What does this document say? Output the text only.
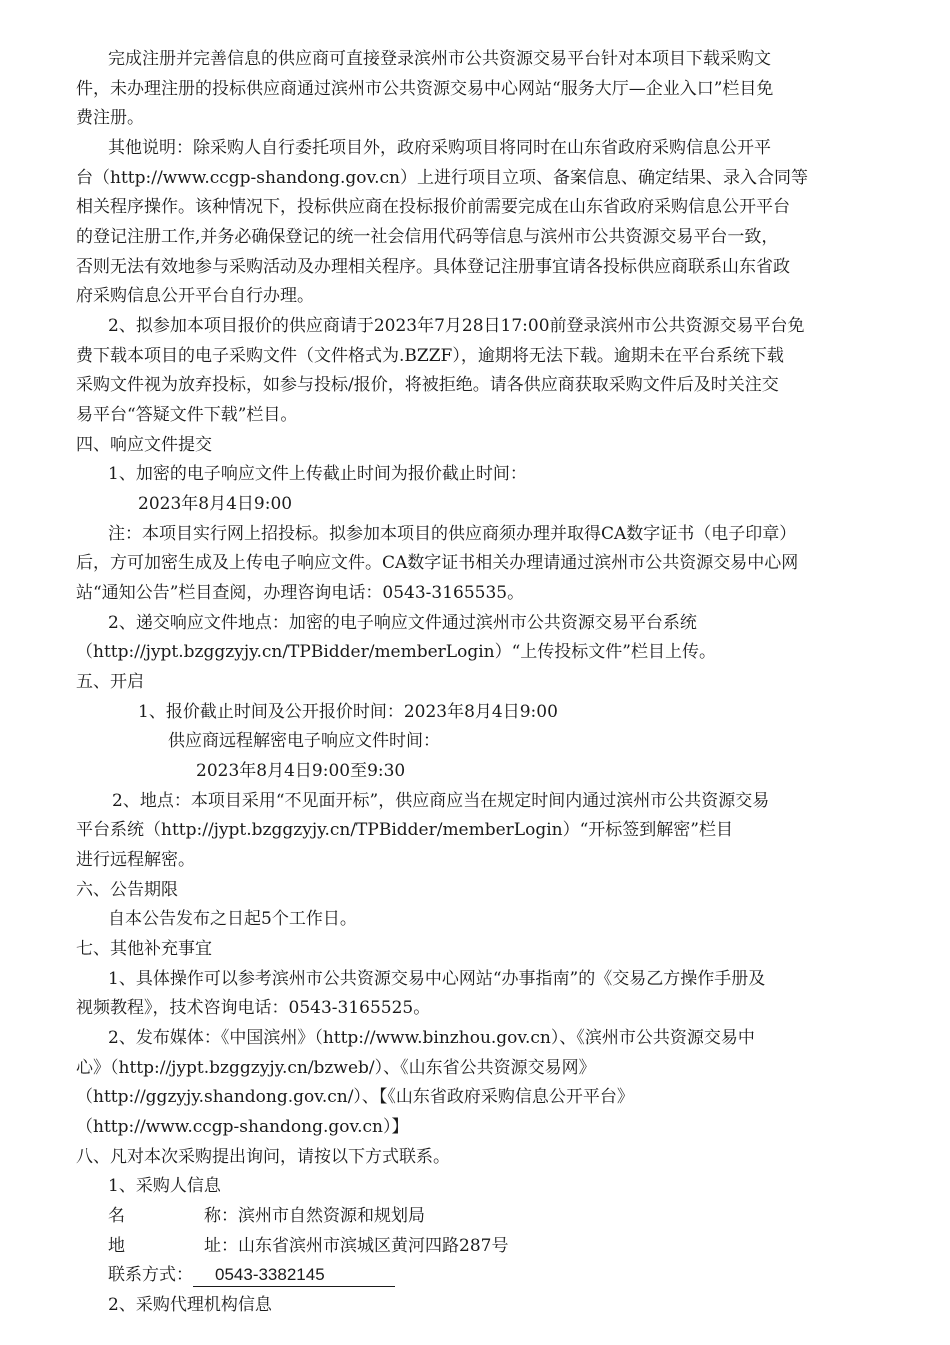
完成注册并完善信息的供应商可直接登录滨州市公共资源交易平台针对本项目下载采购文
件，未办理注册的投标供应商通过滨州市公共资源交易中心网站“服务大厅—企业入口”栏目免
费注册。
其他说明：除采购人自行委托项目外，政府采购项目将同时在山东省政府采购信息公开平
台（http://www.ccgp-shandong.gov.cn）上进行项目立项、备案信息、确定结果、录入合同等
相关程序操作。该种情况下，投标供应商在投标报价前需要完成在山东省政府采购信息公开平台
的登记注册工作,并务必确保登记的统一社会信用代码等信息与滨州市公共资源交易平台一致，
否则无法有效地参与采购活动及办理相关程序。具体登记注册事宜请各投标供应商联系山东省政
府采购信息公开平台自行办理。
2、拟参加本项目报价的供应商请于2023年7月28日17:00前登录滨州市公共资源交易平台免
费下载本项目的电子采购文件（文件格式为.BZZF），逾期将无法下载。逾期未在平台系统下载
采购文件视为放弃投标，如参与投标/报价，将被拒绝。请各供应商获取采购文件后及时关注交
易平台“答疑文件下载”栏目。
四、响应文件提交
1、加密的电子响应文件上传截止时间为报价截止时间：
2023年8月4日9:00
注：本项目实行网上招投标。拟参加本项目的供应商须办理并取得CA数字证书（电子印章）
后，方可加密生成及上传电子响应文件。CA数字证书相关办理请通过滨州市公共资源交易中心网
站“通知公告”栏目查阅，办理咨询电话：0543-3165535。
2、递交响应文件地点：加密的电子响应文件通过滨州市公共资源交易平台系统
（http://jypt.bzggzyjy.cn/TPBidder/memberLogin）“上传投标文件”栏目上传。
五、开启
1、报价截止时间及公开报价时间：2023年8月4日9:00
供应商远程解密电子响应文件时间：
2023年8月4日9:00至9:30
2、地点：本项目采用“不见面开标”，供应商应当在规定时间内通过滨州市公共资源交易
平台系统（http://jypt.bzggzyjy.cn/TPBidder/memberLogin）“开标签到解密”栏目
进行远程解密。
六、公告期限
自本公告发布之日起5个工作日。
七、其他补充事宜
1、具体操作可以参考滨州市公共资源交易中心网站“办事指南”的《交易乙方操作手册及
视频教程》，技术咨询电话：0543-3165525。
2、发布媒体：《中国滨州》（http://www.binzhou.gov.cn）、《滨州市公共资源交易中
心》（http://jypt.bzggzyjy.cn/bzweb/）、《山东省公共资源交易网》
（http://ggzyjy.shandong.gov.cn/）、【《山东省政府采购信息公开平台》
（http://www.ccgp-shandong.gov.cn）】
八、凡对本次采购提出询问，请按以下方式联系。
1、采购人信息
名	称：滨州市自然资源和规划局
地	址：山东省滨州市滨城区黄河四路287号
联系方式： 0543-3382145
2、采购代理机构信息
